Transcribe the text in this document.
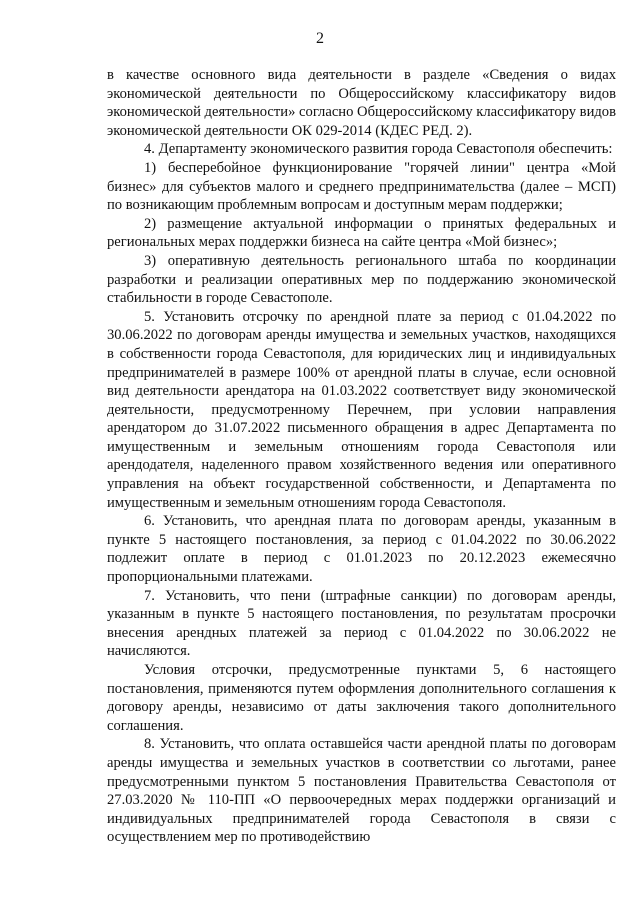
2

в качестве основного вида деятельности в разделе «Сведения о видах экономической деятельности по Общероссийскому классификатору видов экономической деятельности» согласно Общероссийскому классификатору видов экономической деятельности ОК 029-2014 (КДЕС РЕД. 2).

4. Департаменту экономического развития города Севастополя обеспечить:

1) бесперебойное функционирование "горячей линии" центра «Мой бизнес» для субъектов малого и среднего предпринимательства (далее – МСП) по возникающим проблемным вопросам и доступным мерам поддержки;

2) размещение актуальной информации о принятых федеральных и региональных мерах поддержки бизнеса на сайте центра «Мой бизнес»;

3) оперативную деятельность регионального штаба по координации разработки и реализации оперативных мер по поддержанию экономической стабильности в городе Севастополе.

5. Установить отсрочку по арендной плате за период с 01.04.2022 по 30.06.2022 по договорам аренды имущества и земельных участков, находящихся в собственности города Севастополя, для юридических лиц и индивидуальных предпринимателей в размере 100% от арендной платы в случае, если основной вид деятельности арендатора на 01.03.2022 соответствует виду экономической деятельности, предусмотренному Перечнем, при условии направления арендатором до 31.07.2022 письменного обращения в адрес Департамента по имущественным и земельным отношениям города Севастополя или арендодателя, наделенного правом хозяйственного ведения или оперативного управления на объект государственной собственности, и Департамента по имущественным и земельным отношениям города Севастополя.

6. Установить, что арендная плата по договорам аренды, указанным в пункте 5 настоящего постановления, за период с 01.04.2022 по 30.06.2022 подлежит оплате в период с 01.01.2023 по 20.12.2023 ежемесячно пропорциональными платежами.

7. Установить, что пени (штрафные санкции) по договорам аренды, указанным в пункте 5 настоящего постановления, по результатам просрочки внесения арендных платежей за период с 01.04.2022 по 30.06.2022 не начисляются.

Условия отсрочки, предусмотренные пунктами 5, 6 настоящего постановления, применяются путем оформления дополнительного соглашения к договору аренды, независимо от даты заключения такого дополнительного соглашения.

8. Установить, что оплата оставшейся части арендной платы по договорам аренды имущества и земельных участков в соответствии со льготами, ранее предусмотренными пунктом 5 постановления Правительства Севастополя от 27.03.2020 № 110-ПП «О первоочередных мерах поддержки организаций и индивидуальных предпринимателей города Севастополя в связи с осуществлением мер по противодействию
